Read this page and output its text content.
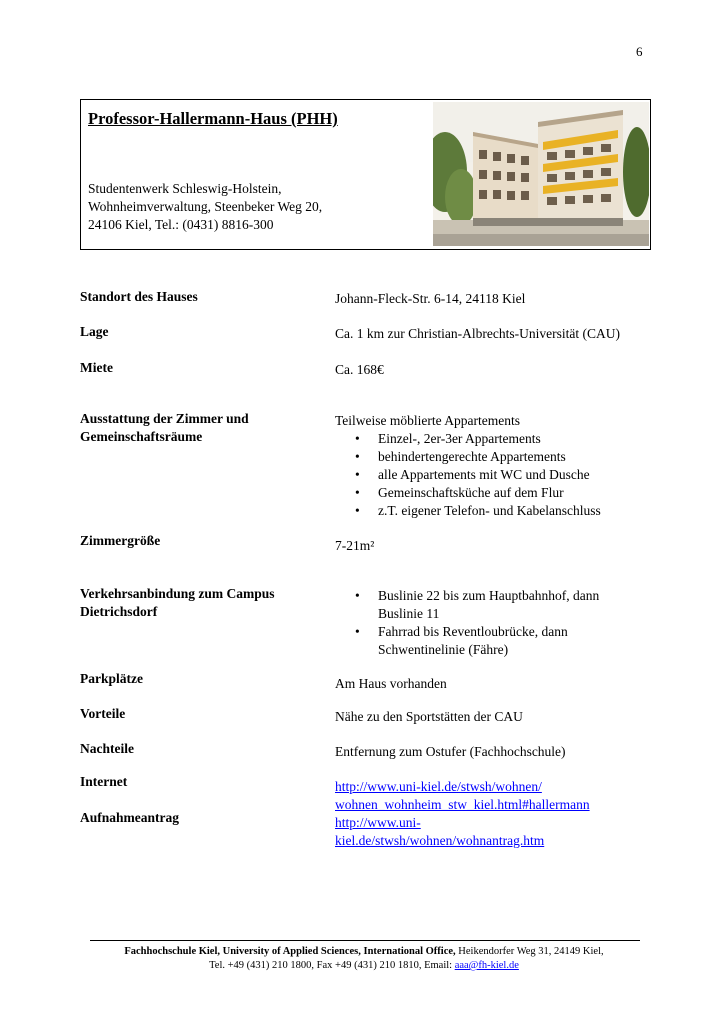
6
Professor-Hallermann-Haus (PHH)
Studentenwerk Schleswig-Holstein,
Wohnheimverwaltung, Steenbeker Weg 20,
24106 Kiel, Tel.: (0431) 8816-300
Standort des Hauses	Johann-Fleck-Str. 6-14, 24118 Kiel
Lage	Ca. 1 km zur Christian-Albrechts-Universität (CAU)
Miete	Ca. 168€
Ausstattung der Zimmer und
Gemeinschaftsräume
Teilweise möblierte Appartements
• Einzel-, 2er-3er Appartements
• behindertengerechte Appartements
• alle Appartements mit WC und Dusche
• Gemeinschaftsküche auf dem Flur
• z.T. eigener Telefon- und Kabelanschluss
Zimmergröße	7-21m²
Verkehrsanbindung zum Campus
Dietrichsdorf
• Buslinie 22 bis zum Hauptbahnhof, dann
Buslinie 11
• Fahrrad bis Reventloubrücke, dann
Schwentinelinie (Fähre)
Parkplätze	Am Haus vorhanden
Vorteile	Nähe zu den Sportstätten der CAU
Nachteile	Entfernung zum Ostufer (Fachhochschule)
Internet	http://www.uni-kiel.de/stwsh/wohnen/
wohnen_wohnheim_stw_kiel.html#hallermann
Aufnahmeantrag	http://www.uni-
kiel.de/stwsh/wohnen/wohnantrag.htm
Fachhochschule Kiel, University of Applied Sciences, International Office, Heikendorfer Weg 31, 24149 Kiel,
Tel. +49 (431) 210 1800, Fax +49 (431) 210 1810, Email: aaa@fh-kiel.de
